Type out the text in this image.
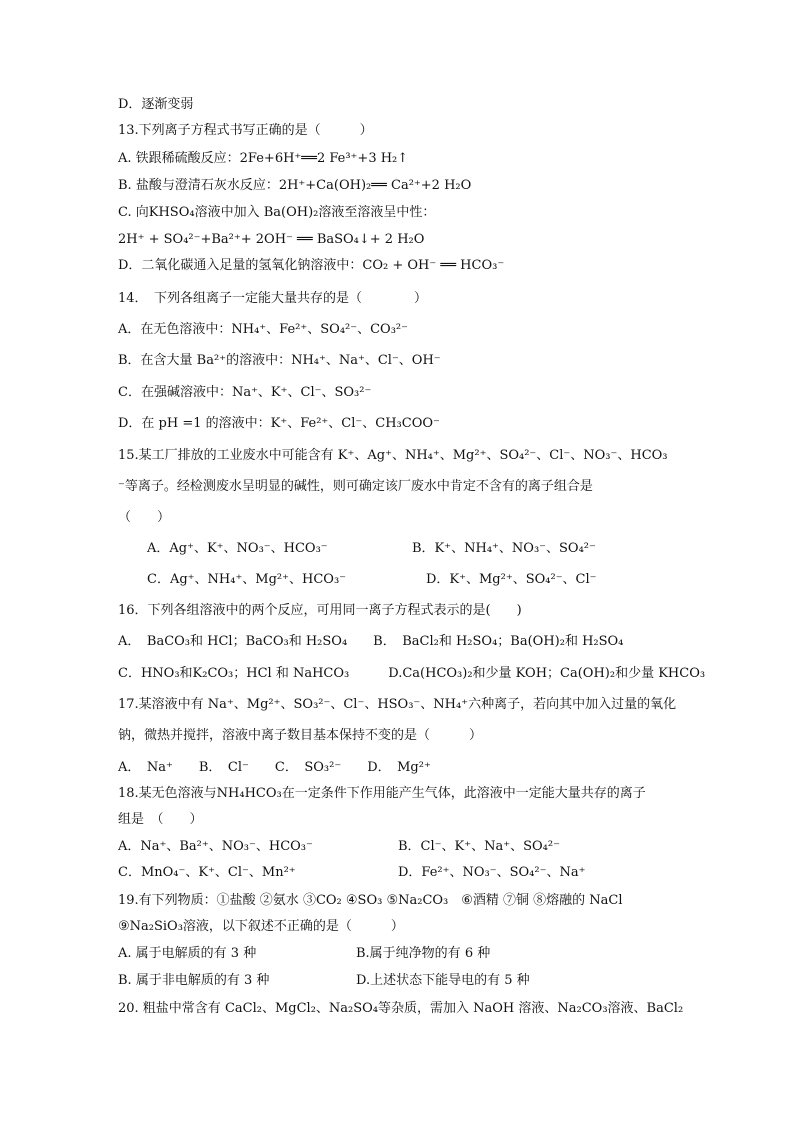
D．逐渐变弱
13.下列离子方程式书写正确的是（　　　）
A. 铁跟稀硫酸反应：2Fe+6H⁺══2 Fe³⁺+3 H₂↑
B. 盐酸与澄清石灰水反应：2H⁺+Ca(OH)₂══ Ca²⁺+2 H₂O
C. 向KHSO₄溶液中加入 Ba(OH)₂溶液至溶液呈中性：
2H⁺ + SO₄²⁻+Ba²⁺+ 2OH⁻ ══ BaSO₄↓+ 2 H₂O
D．二氧化碳通入足量的氢氧化钠溶液中：CO₂ + OH⁻ ══ HCO₃⁻
14．　下列各组离子一定能大量共存的是（　　　　）
A．在无色溶液中：NH₄⁺、Fe²⁺、SO₄²⁻、CO₃²⁻
B．在含大量 Ba²⁺的溶液中：NH₄⁺、Na⁺、Cl⁻、OH⁻
C．在强碱溶液中：Na⁺、K⁺、Cl⁻、SO₃²⁻
D．在 pH =1 的溶液中：K⁺、Fe²⁺、Cl⁻、CH₃COO⁻
15.某工厂排放的工业废水中可能含有 K⁺、Ag⁺、NH₄⁺、Mg²⁺、SO₄²⁻、Cl⁻、NO₃⁻、HCO₃
⁻等离子。经检测废水呈明显的碱性，则可确定该厂废水中肯定不含有的离子组合是
（　　）
A．Ag⁺、K⁺、NO₃⁻、HCO₃⁻	B．K⁺、NH₄⁺、NO₃⁻、SO₄²⁻
C．Ag⁺、NH₄⁺、Mg²⁺、HCO₃⁻	D．K⁺、Mg²⁺、SO₄²⁻、Cl⁻
16．下列各组溶液中的两个反应，可用同一离子方程式表示的是(　　)
A．　BaCO₃和 HCl；BaCO₃和 H₂SO₄　　B．　BaCl₂和 H₂SO₄；Ba(OH)₂和 H₂SO₄
C．HNO₃和K₂CO₃；HCl 和 NaHCO₃　　　D.Ca(HCO₃)₂和少量 KOH；Ca(OH)₂和少量 KHCO₃
17.某溶液中有 Na⁺、Mg²⁺、SO₃²⁻、Cl⁻、HSO₃⁻、NH₄⁺六种离子，若向其中加入过量的氧化
钠，微热并搅拌，溶液中离子数目基本保持不变的是（　　　）
A．　Na⁺　　B．　Cl⁻　　C．　SO₃²⁻　　D．　Mg²⁺
18.某无色溶液与NH₄HCO₃在一定条件下作用能产生气体，此溶液中一定能大量共存的离子
组是　（　　）
A．Na⁺、Ba²⁺、NO₃⁻、HCO₃⁻	B．Cl⁻、K⁺、Na⁺、SO₄²⁻
C．MnO₄⁻、K⁺、Cl⁻、Mn²⁺	D．Fe²⁺、NO₃⁻、SO₄²⁻、Na⁺
19.有下列物质：①盐酸 ②氨水 ③CO₂ ④SO₃ ⑤Na₂CO₃　⑥酒精 ⑦铜 ⑧熔融的 NaCl
⑨Na₂SiO₃溶液，以下叙述不正确的是（　　　）
A. 属于电解质的有 3 种	B.属于纯净物的有 6 种
B. 属于非电解质的有 3 种	D.上述状态下能导电的有 5 种
20. 粗盐中常含有 CaCl₂、MgCl₂、Na₂SO₄等杂质，需加入 NaOH 溶液、Na₂CO₃溶液、BaCl₂
